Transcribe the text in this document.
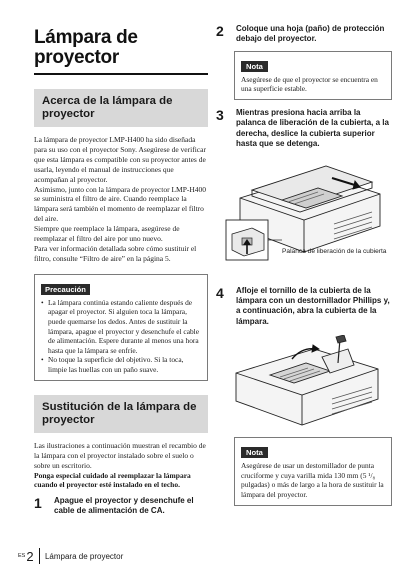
Lámpara de proyector
Acerca de la lámpara de proyector

La lámpara de proyector LMP-H400 ha sido diseñada para su uso con el proyector Sony. Asegúrese de verificar que esta lámpara es compatible con su proyector antes de usarla, leyendo el manual de instrucciones que acompañan al proyector.

Asimismo, junto con la lámpara de proyector LMP-H400 se suministra el filtro de aire. Cuando reemplace la lámpara será también el momento de reemplazar el filtro del aire.

Siempre que reemplace la lámpara, asegúrese de reemplazar el filtro del aire por uno nuevo.

Para ver información detallada sobre cómo sustituir el filtro, consulte “Filtro de aire” en la página 5.

Precaución
• La lámpara continúa estando caliente después de apagar el proyector. Si alguien toca la lámpara, puede quemarse los dedos. Antes de sustituir la lámpara, apague el proyector y desenchufe el cable de alimentación. Espere durante al menos una hora hasta que la lámpara se enfríe.
• No toque la superficie del objetivo. Si la toca, limpie las huellas con un paño suave.
Sustitución de la lámpara de proyector

Las ilustraciones a continuación muestran el recambio de la lámpara con el proyector instalado sobre el suelo o sobre un escritorio.

Ponga especial cuidado al reemplazar la lámpara cuando el proyector esté instalado en el techo.

1	Apague el proyector y desenchufe el cable de alimentación de CA.
2	Coloque una hoja (paño) de protección debajo del proyector.
Nota

Asegúrese de que el proyector se encuentra en una superficie estable.

3	Mientras presiona hacia arriba la palanca de liberación de la cubierta, a la derecha, deslice la cubierta superior hasta que se detenga.
Palanca de liberación de la cubierta
4	Afloje el tornillo de la cubierta de la lámpara con un destornillador Phillips y, a continuación, abra la cubierta de la lámpara.
Nota

Asegúrese de usar un destornillador de punta cruciforme y cuya varilla mida 130 mm (5 ¹/₈ pulgadas) o más de largo a la hora de sustituir la lámpara del proyector.

ES 2 Lámpara de proyector
